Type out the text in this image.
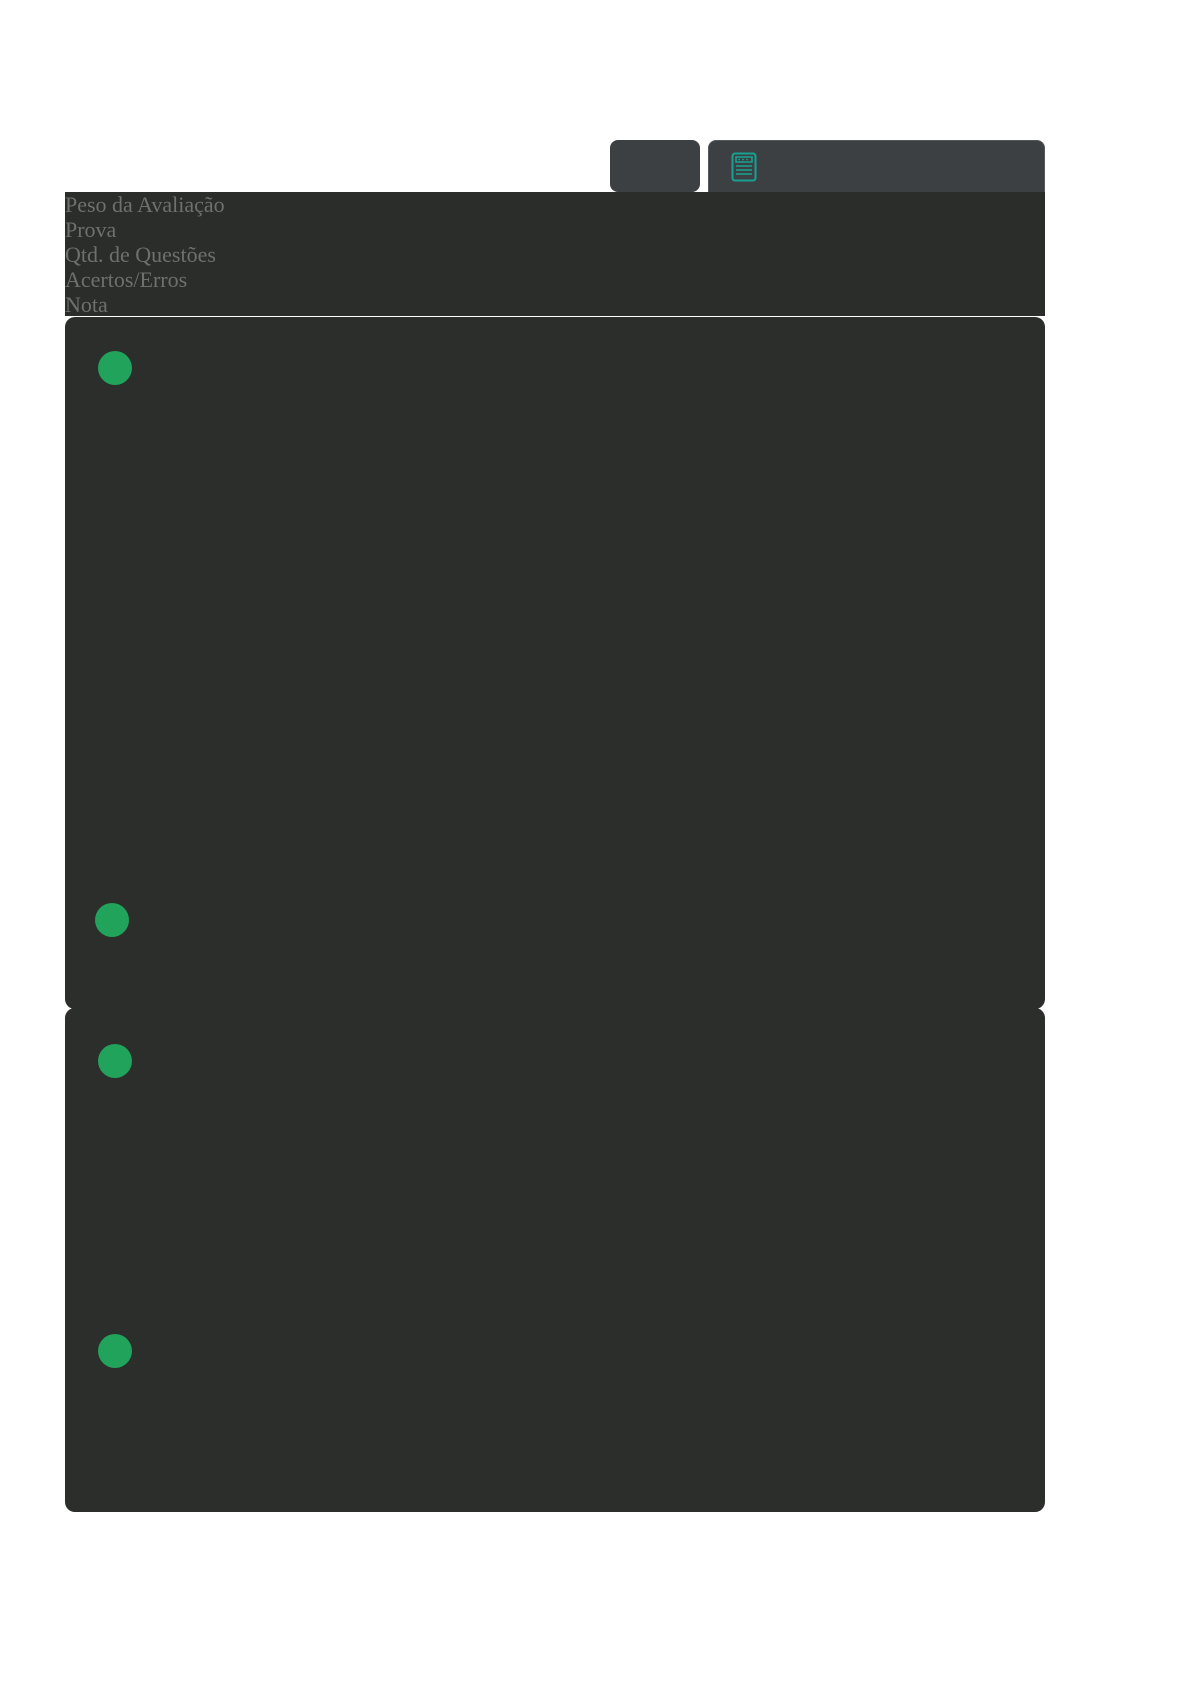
Peso da Avaliação
Prova
Qtd. de Questões
Acertos/Erros
Nota
